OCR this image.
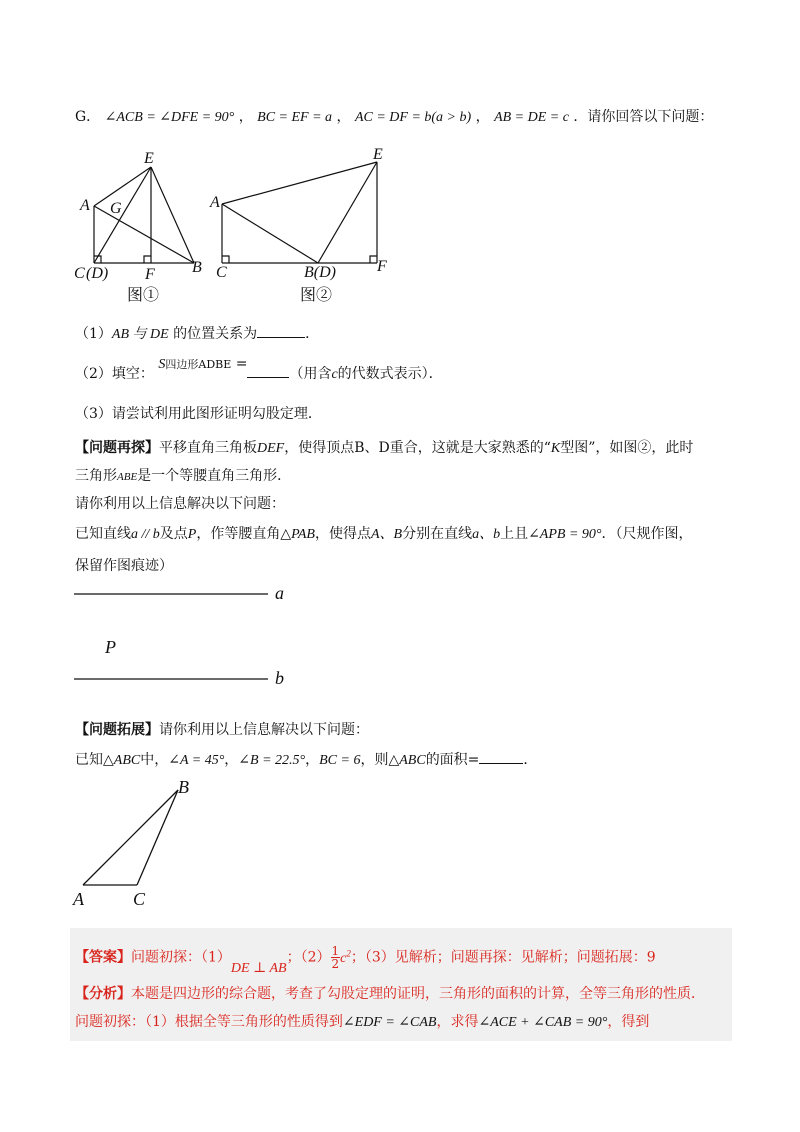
G． ∠ACB = ∠DFE = 90° ， BC = EF = a ， AC = DF = b(a > b) ， AB = DE = c ．请你回答以下问题：
E
A G
C (D) F B
图①
E
A
C	B(D)	F
图②
（1）AB 与 DE 的位置关系为	．
（2）填空： S四边形ADBE =（用含c的代数式表示）．
（3）请尝试利用此图形证明勾股定理．
【问题再探】平移直角三角板DEF，使得顶点B、D重合，这就是大家熟悉的“K型图”，如图②，此时
三角形ABE是一个等腰直角三角形．
请你利用以上信息解决以下问题：
已知直线a // b及点P，作等腰直角△PAB，使得点A、B分别在直线a、b上且∠APB = 90°．（尺规作图，
保留作图痕迹）
a
P
b
【问题拓展】请你利用以上信息解决以下问题：
已知△ABC中，∠A = 45°，∠B = 22.5°，BC = 6，则△ABC的面积=	．
B
A	C
【答案】问题初探：（1）DE ⊥ AB；$(2) \frac{1}{2} c^2$；（3）见解析；问题再探：见解析；问题拓展：9
【分析】本题是四边形的综合题，考查了勾股定理的证明，三角形的面积的计算，全等三角形的性质．
问题初探：（1）根据全等三角形的性质得到∠EDF = ∠CAB，求得∠ACE + ∠CAB = 90°，得到
